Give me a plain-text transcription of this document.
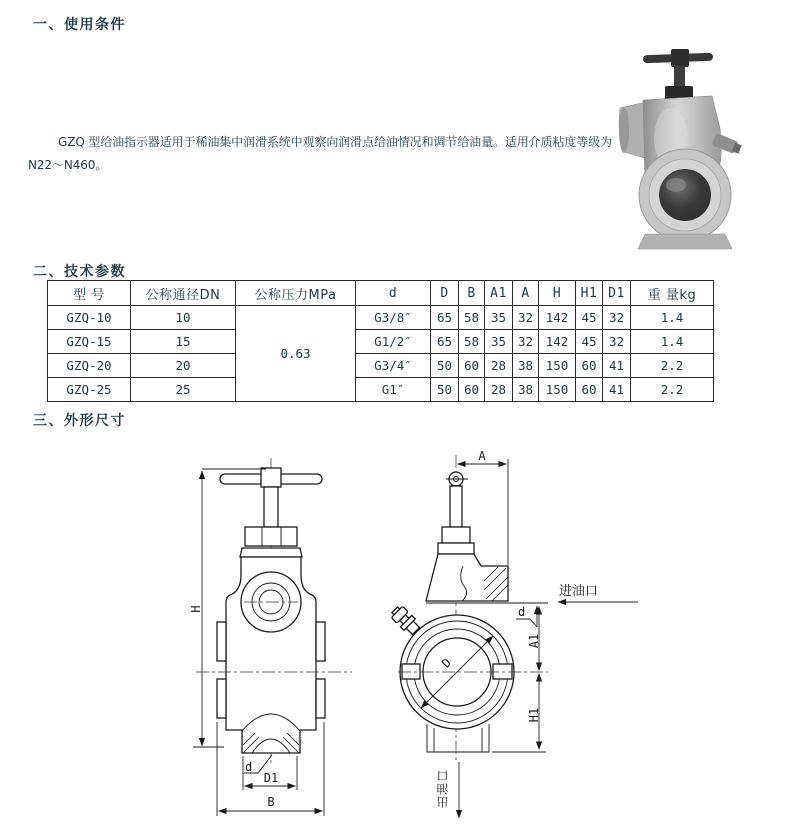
一、使用条件
GZQ 型给油指示器适用于稀油集中润滑系统中观察向润滑点给油情况和调节给油量。适用介质粘度等级为
N22～N460。
二、技术参数
型 号	公称通径DN	公称压力MPa	d	D	B	A1	A	H	H1	D1	重 量kg
GZQ-10	10	0.63	G3/8″	65	58	35	32	142	45	32	1.4
GZQ-15	15		G1/2″	65	58	35	32	142	45	32	1.4
GZQ-20	20		G3/4″	50	60	28	38	150	60	41	2.2
GZQ-25	25		G1″	50	60	28	38	150	60	41	2.2
三、外形尺寸
H
d
D1
B
进油口
d
D
A
A1
H1
出油口
